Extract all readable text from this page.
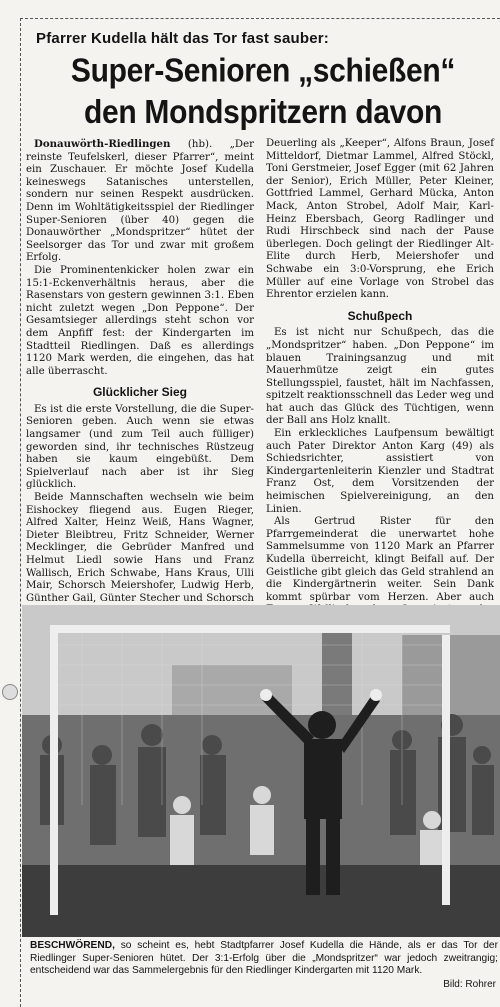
Pfarrer Kudella hält das Tor fast sauber:
Super-Senioren „schießen“
den Mondspritzern davon

Donauwörth-Riedlingen (hb). „Der reinste Teufelskerl, dieser Pfarrer“, meint ein Zuschauer. Er möchte Josef Kudella keineswegs Satanisches unterstellen, sondern nur seinen Respekt ausdrücken. Denn im Wohltätigkeitsspiel der Riedlinger Super-Senioren (über 40) gegen die Donauwörther „Mondspritzer“ hütet der Seelsorger das Tor und zwar mit großem Erfolg.

Die Prominentenkicker holen zwar ein 15:1-Eckenverhältnis heraus, aber die Rasenstars von gestern gewinnen 3:1. Eben nicht zuletzt wegen „Don Peppone“. Der Gesamtsieger allerdings steht schon vor dem Anpfiff fest: der Kindergarten im Stadtteil Riedlingen. Daß es allerdings 1120 Mark werden, die eingehen, das hat alle überrascht.

Glücklicher Sieg

Es ist die erste Vorstellung, die die Super-Senioren geben. Auch wenn sie etwas langsamer (und zum Teil auch fülliger) geworden sind, ihr technisches Rüstzeug haben sie kaum eingebüßt. Dem Spielverlauf nach aber ist ihr Sieg glücklich.

Beide Mannschaften wechseln wie beim Eishockey fliegend aus. Eugen Rieger, Alfred Xalter, Heinz Weiß, Hans Wagner, Dieter Bleibtreu, Fritz Schneider, Werner Mecklinger, die Gebrüder Manfred und Helmut Liedl sowie Hans und Franz Wallisch, Erich Schwabe, Hans Kraus, Ulli Mair, Schorsch Meiershofer, Ludwig Herb, Günther Gail, Günter Stecher und Schorsch

Deuerling als „Keeper“, Alfons Braun, Josef Mitteldorf, Dietmar Lammel, Alfred Stöckl, Toni Gerstmeier, Josef Egger (mit 62 Jahren der Senior), Erich Müller, Peter Kleiner, Gottfried Lammel, Gerhard Mücka, Anton Mack, Anton Strobel, Adolf Mair, Karl-Heinz Ebersbach, Georg Radlinger und Rudi Hirschbeck sind nach der Pause überlegen. Doch gelingt der Riedlinger Alt-Elite durch Herb, Meiershofer und Schwabe ein 3:0-Vorsprung, ehe Erich Müller auf eine Vorlage von Strobel das Ehrentor erzielen kann.

Schußpech

Es ist nicht nur Schußpech, das die „Mondspritzer“ haben. „Don Peppone“ im blauen Trainingsanzug und mit Mauerhmütze zeigt ein gutes Stellungsspiel, faustet, hält im Nachfassen, spitzelt reaktionsschnell das Leder weg und hat auch das Glück des Tüchtigen, wenn der Ball ans Holz knallt.

Ein erkleckliches Laufpensum bewältigt auch Pater Direktor Anton Karg (49) als Schiedsrichter, assistiert von Kindergartenleiterin Kienzler und Stadtrat Franz Ost, dem Vorsitzenden der heimischen Spielvereinigung, an den Linien.

Als Gertrud Rister für den Pfarrgemeinderat die unerwartet hohe Sammelsumme von 1120 Mark an Pfarrer Kudella überreicht, klingt Beifall auf. Der Geistliche gibt gleich das Geld strahlend an die Kindergärtnerin weiter. Sein Dank kommt spürbar vom Herzen. Aber auch

BESCHWÖREND, so scheint es, hebt Stadtpfarrer Josef Kudella die Hände, als er das Tor der Riedlinger Super-Senioren hütet. Der 3:1-Erfolg über die „Mondspritzer“ war jedoch zweitrangig; entscheidend war das Sammelergebnis für den Riedlinger Kindergarten mit 1120 Mark.
Bild: Rohrer
